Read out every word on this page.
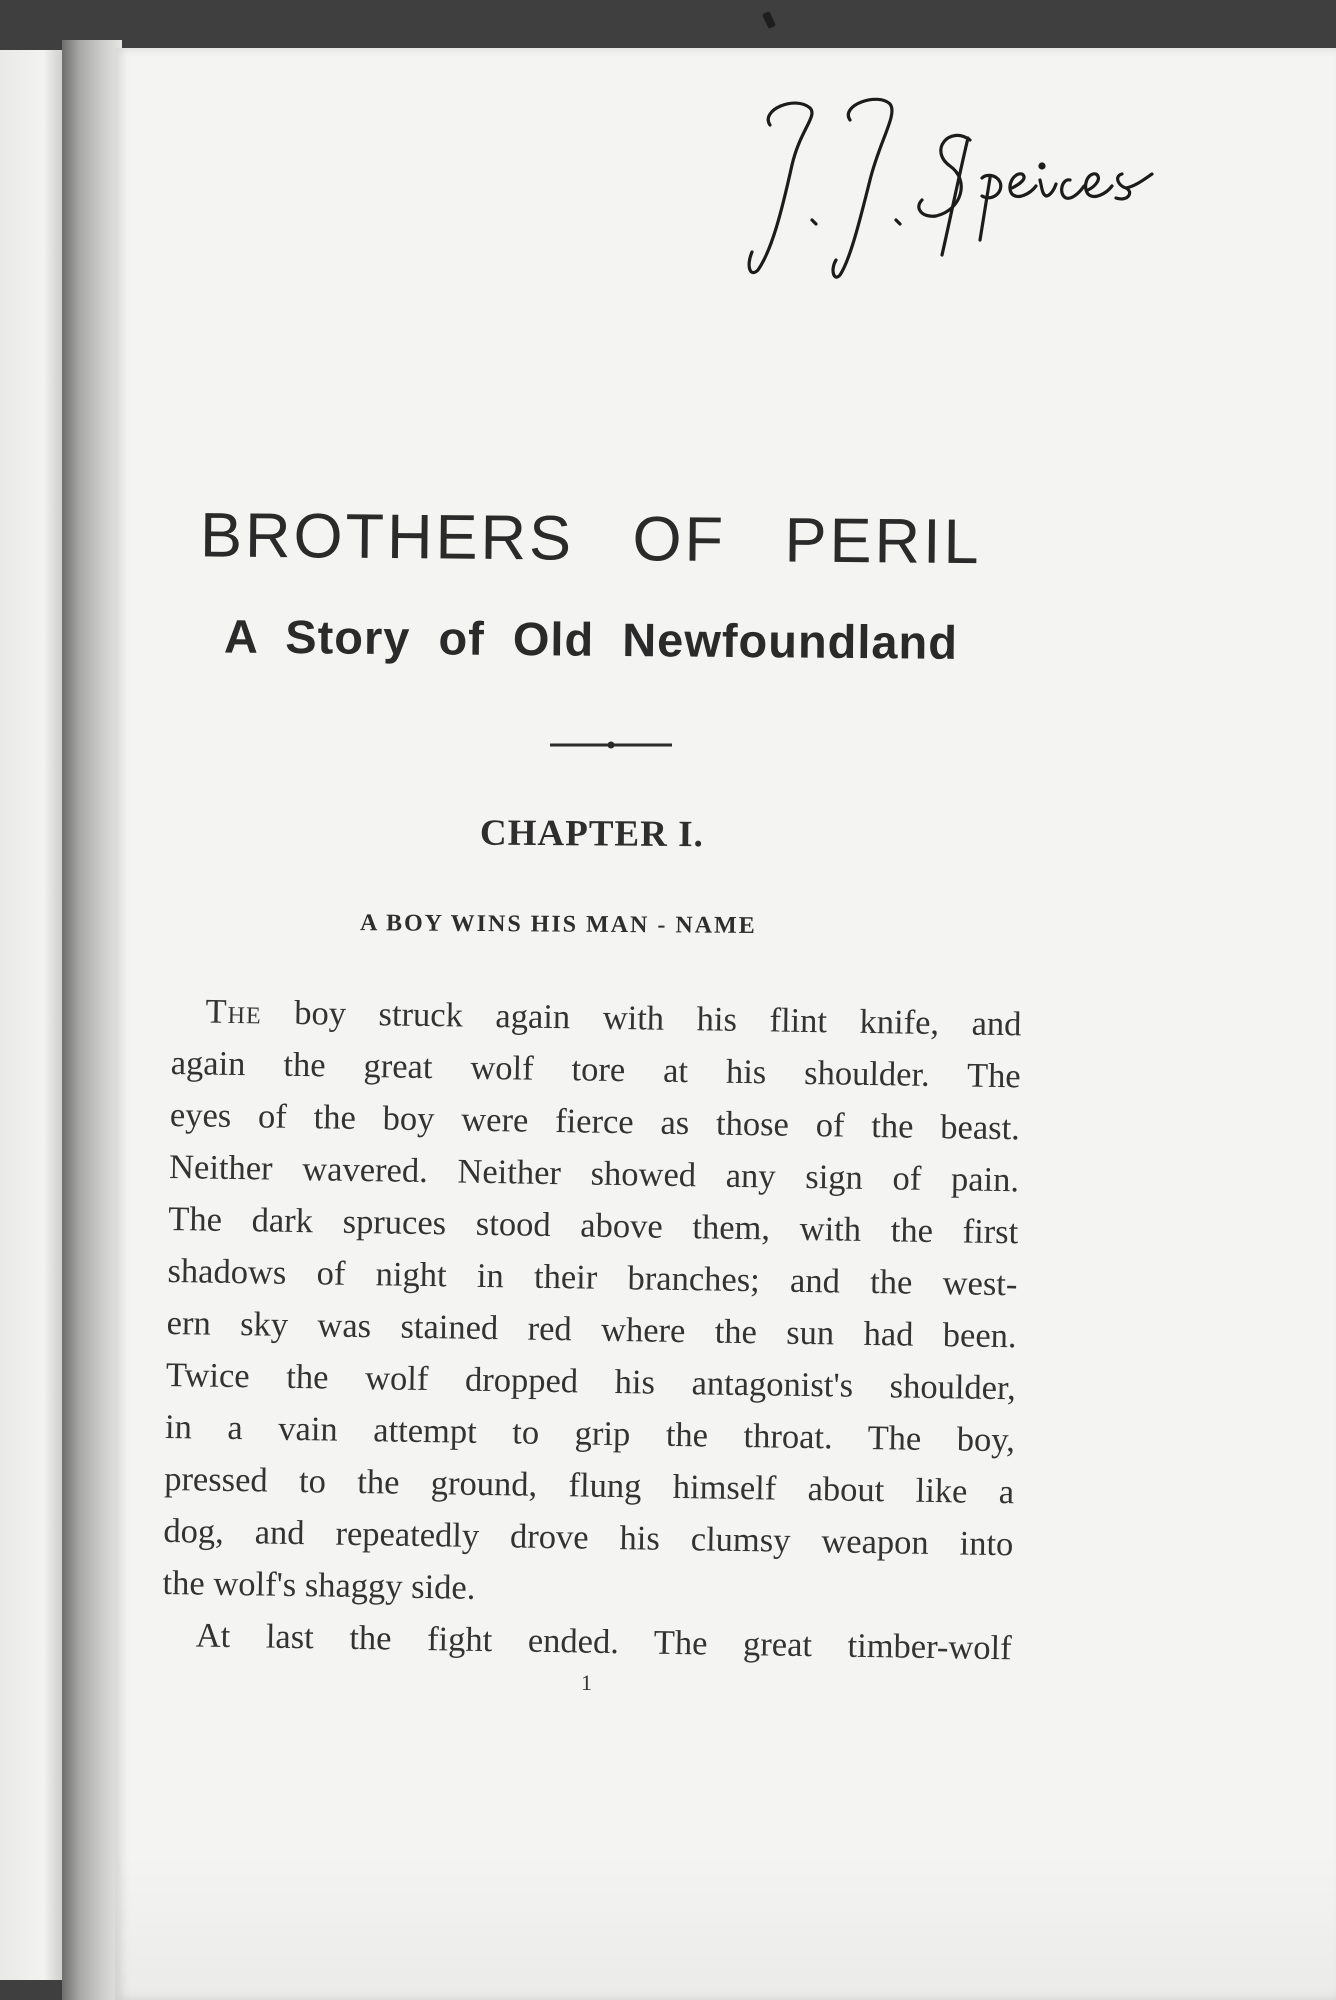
BROTHERS OF PERIL
A Story of Old Newfoundland
CHAPTER I.
A BOY WINS HIS MAN - NAME
The boy struck again with his flint knife, and
again the great wolf tore at his shoulder. The
eyes of the boy were fierce as those of the beast.
Neither wavered. Neither showed any sign of pain.
The dark spruces stood above them, with the first
shadows of night in their branches; and the west-
ern sky was stained red where the sun had been.
Twice the wolf dropped his antagonist's shoulder,
in a vain attempt to grip the throat. The boy,
pressed to the ground, flung himself about like a
dog, and repeatedly drove his clumsy weapon into
the wolf's shaggy side.
At last the fight ended. The great timber-wolf

1
